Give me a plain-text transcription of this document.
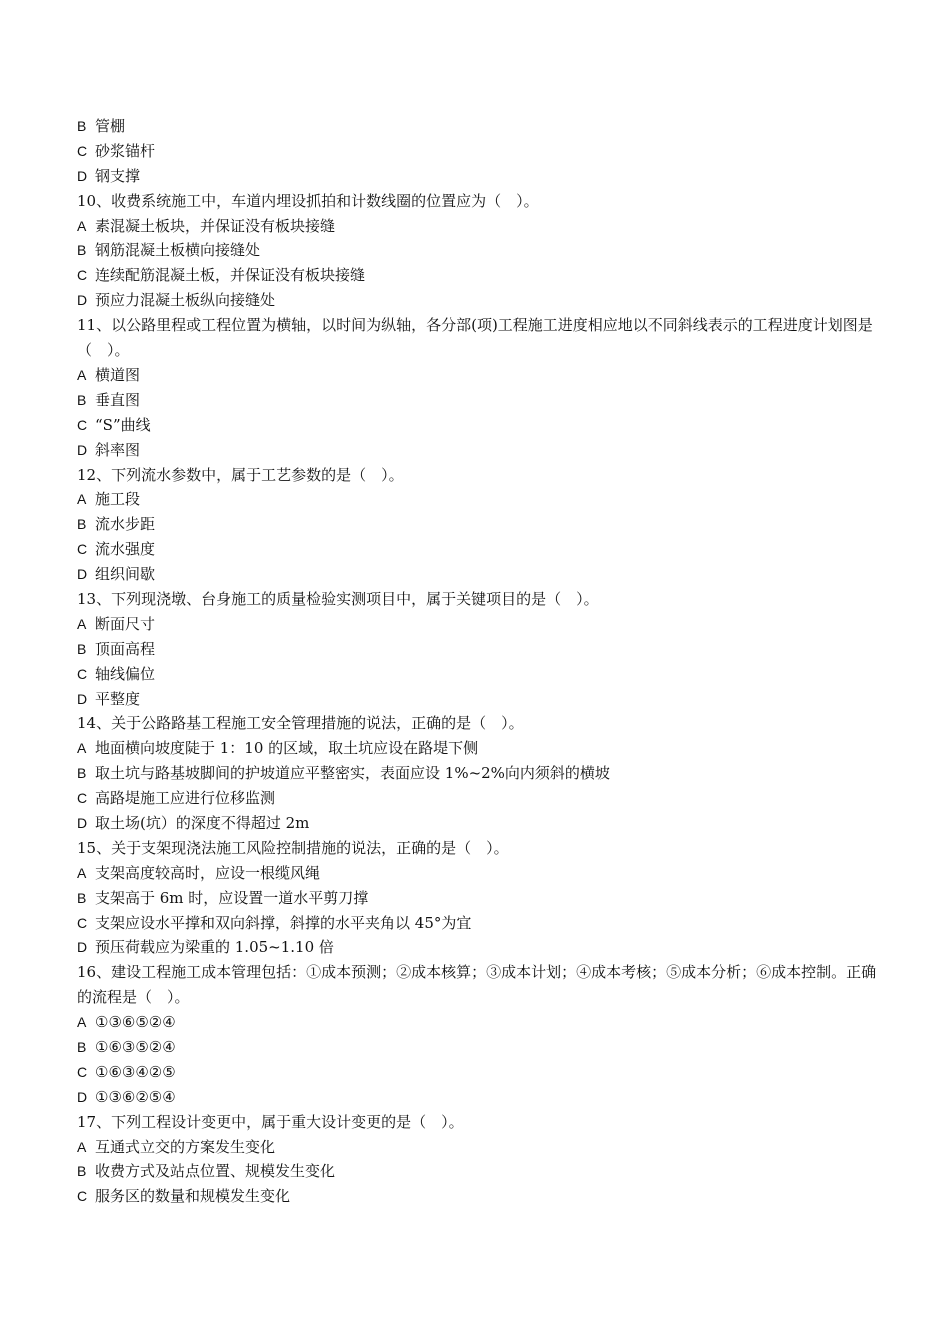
B 管棚
C 砂浆锚杆
D 钢支撑
10、收费系统施工中，车道内埋设抓拍和计数线圈的位置应为（　）。
A 素混凝土板块，并保证没有板块接缝
B 钢筋混凝土板横向接缝处
C 连续配筋混凝土板，并保证没有板块接缝
D 预应力混凝土板纵向接缝处
11、以公路里程或工程位置为横轴，以时间为纵轴，各分部(项)工程施工进度相应地以不同斜线表示的工程进度计划图是（　）。
A 横道图
B 垂直图
C “S”曲线
D 斜率图
12、下列流水参数中，属于工艺参数的是（　）。
A 施工段
B 流水步距
C 流水强度
D 组织间歇
13、下列现浇墩、台身施工的质量检验实测项目中，属于关键项目的是（　）。
A 断面尺寸
B 顶面高程
C 轴线偏位
D 平整度
14、关于公路路基工程施工安全管理措施的说法，正确的是（　）。
A 地面横向坡度陡于 1：10 的区域，取土坑应设在路堤下侧
B 取土坑与路基坡脚间的护坡道应平整密实，表面应设 1%~2%向内须斜的横坡
C 高路堤施工应进行位移监测
D 取土场(坑）的深度不得超过 2m
15、关于支架现浇法施工风险控制措施的说法，正确的是（　）。
A 支架高度较高时，应设一根缆风绳
B 支架高于 6m 时，应设置一道水平剪刀撑
C 支架应设水平撑和双向斜撑，斜撑的水平夹角以 45°为宜
D 预压荷载应为梁重的 1.05~1.10 倍
16、建设工程施工成本管理包括：①成本预测；②成本核算；③成本计划；④成本考核；⑤成本分析；⑥成本控制。正确的流程是（　）。
A ①③⑥⑤②④
B ①⑥③⑤②④
C ①⑥③④②⑤
D ①③⑥②⑤④
17、下列工程设计变更中，属于重大设计变更的是（　）。
A 互通式立交的方案发生变化
B 收费方式及站点位置、规模发生变化
C 服务区的数量和规模发生变化
